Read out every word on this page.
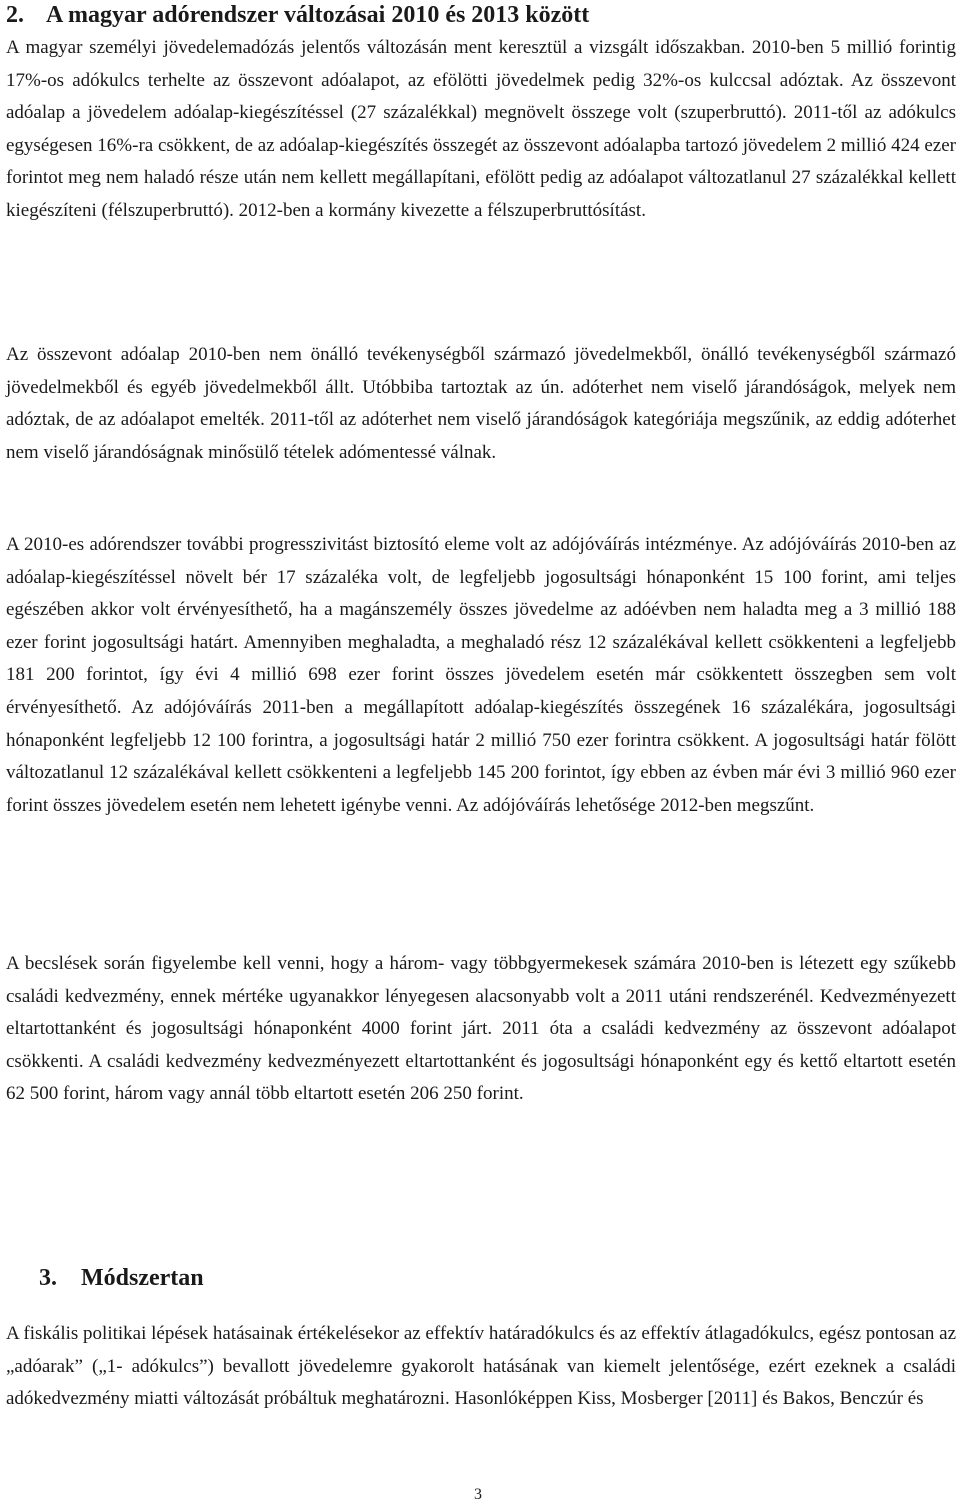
2. A magyar adórendszer változásai 2010 és 2013 között

A magyar személyi jövedelemadózás jelentős változásán ment keresztül a vizsgált időszakban. 2010-ben 5 millió forintig 17%-os adókulcs terhelte az összevont adóalapot, az efölötti jövedelmek pedig 32%-os kulccsal adóztak. Az összevont adóalap a jövedelem adóalap-kiegészítéssel (27 százalékkal) megnövelt összege volt (szuperbruttó). 2011-től az adókulcs egységesen 16%-ra csökkent, de az adóalap-kiegészítés összegét az összevont adóalapba tartozó jövedelem 2 millió 424 ezer forintot meg nem haladó része után nem kellett megállapítani, efölött pedig az adóalapot változatlanul 27 százalékkal kellett kiegészíteni (félszuperbruttó). 2012-ben a kormány kivezette a félszuperbruttósítást.

Az összevont adóalap 2010-ben nem önálló tevékenységből származó jövedelmekből, önálló tevékenységből származó jövedelmekből és egyéb jövedelmekből állt. Utóbbiba tartoztak az ún. adóterhet nem viselő járandóságok, melyek nem adóztak, de az adóalapot emelték. 2011-től az adóterhet nem viselő járandóságok kategóriája megszűnik, az eddig adóterhet nem viselő járandóságnak minősülő tételek adómentessé válnak.

A 2010-es adórendszer további progresszivitást biztosító eleme volt az adójóváírás intézménye. Az adójóváírás 2010-ben az adóalap-kiegészítéssel növelt bér 17 százaléka volt, de legfeljebb jogosultsági hónaponként 15 100 forint, ami teljes egészében akkor volt érvényesíthető, ha a magánszemély összes jövedelme az adóévben nem haladta meg a 3 millió 188 ezer forint jogosultsági határt. Amennyiben meghaladta, a meghaladó rész 12 százalékával kellett csökkenteni a legfeljebb 181 200 forintot, így évi 4 millió 698 ezer forint összes jövedelem esetén már csökkentett összegben sem volt érvényesíthető. Az adójóváírás 2011-ben a megállapított adóalap-kiegészítés összegének 16 százalékára, jogosultsági hónaponként legfeljebb 12 100 forintra, a jogosultsági határ 2 millió 750 ezer forintra csökkent. A jogosultsági határ fölött változatlanul 12 százalékával kellett csökkenteni a legfeljebb 145 200 forintot, így ebben az évben már évi 3 millió 960 ezer forint összes jövedelem esetén nem lehetett igénybe venni. Az adójóváírás lehetősége 2012-ben megszűnt.

A becslések során figyelembe kell venni, hogy a három- vagy többgyermekesek számára 2010-ben is létezett egy szűkebb családi kedvezmény, ennek mértéke ugyanakkor lényegesen alacsonyabb volt a 2011 utáni rendszerénél. Kedvezményezett eltartottanként és jogosultsági hónaponként 4000 forint járt. 2011 óta a családi kedvezmény az összevont adóalapot csökkenti. A családi kedvezmény kedvezményezett eltartottanként és jogosultsági hónaponként egy és kettő eltartott esetén 62 500 forint, három vagy annál több eltartott esetén 206 250 forint.

3. Módszertan

A fiskális politikai lépések hatásainak értékelésekor az effektív határadókulcs és az effektív átlagadókulcs, egész pontosan az „adóarak” („1- adókulcs”) bevallott jövedelemre gyakorolt hatásának van kiemelt jelentősége, ezért ezeknek a családi adókedvezmény miatti változását próbáltuk meghatározni. Hasonlóképpen Kiss, Mosberger [2011] és Bakos, Benczúr és

3
